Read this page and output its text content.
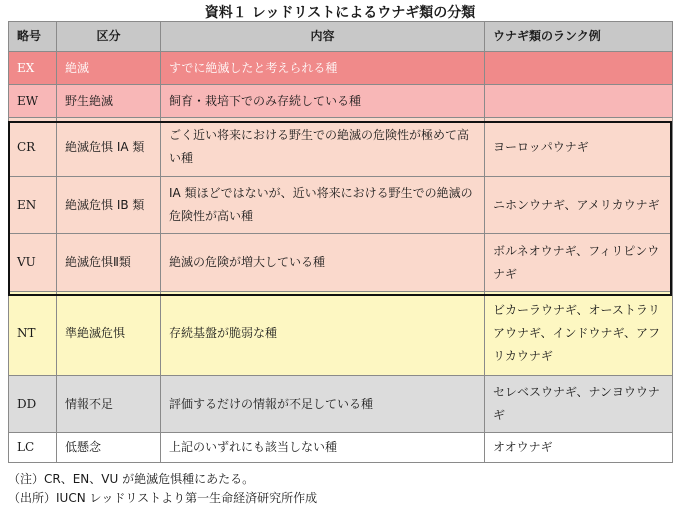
資料１ レッドリストによるウナギ類の分類
略号	区分	内容	ウナギ類のランク例
EX	絶滅	すでに絶滅したと考えられる種	
EW	野生絶滅	飼育・栽培下でのみ存続している種	
CR	絶滅危惧 IA 類	ごく近い将来における野生での絶滅の危険性が極めて高い種	ヨーロッパウナギ
EN	絶滅危惧 IB 類	IA 類ほどではないが、近い将来における野生での絶滅の危険性が高い種	ニホンウナギ、アメリカウナギ
VU	絶滅危惧Ⅱ類	絶滅の危険が増大している種	ボルネオウナギ、フィリピンウナギ
NT	準絶滅危惧	存続基盤が脆弱な種	ビカーラウナギ、オーストラリアウナギ、インドウナギ、アフリカウナギ
DD	情報不足	評価するだけの情報が不足している種	セレベスウナギ、ナンヨウウナギ
LC	低懸念	上記のいずれにも該当しない種	オオウナギ
（注）CR、EN、VU が絶滅危惧種にあたる。
（出所）IUCN レッドリストより第一生命経済研究所作成
